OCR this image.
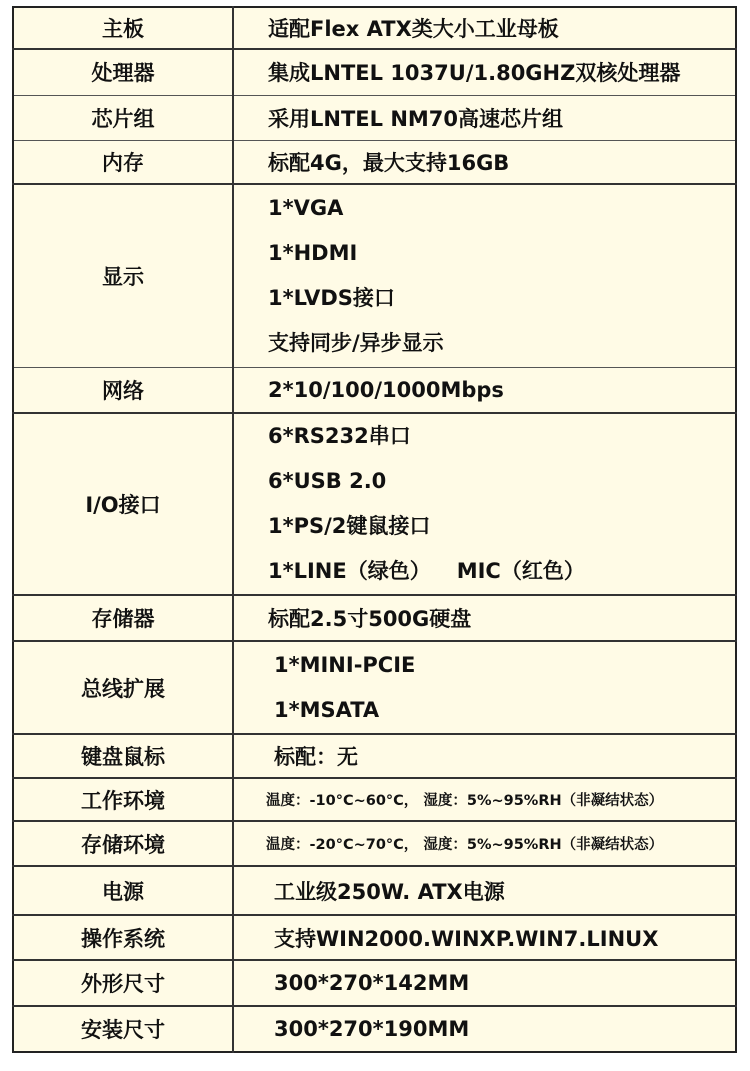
主板	适配Flex ATX类大小工业母板
处理器	集成LNTEL 1037U/1.80GHZ双核处理器
芯片组	采用LNTEL NM70高速芯片组
内存	标配4G，最大支持16GB
显示	1*VGA
1*HDMI
1*LVDS接口
支持同步/异步显示

网络	2*10/100/1000Mbps
I/O接口	6*RS232串口
6*USB 2.0
1*PS/2键鼠接口
1*LINE（绿色） MIC（红色）

存储器	标配2.5寸500G硬盘
总线扩展	1*MINI-PCIE
1*MSATA

键盘鼠标	标配：无
工作环境	温度：-10°C~60°C， 湿度：5%~95%RH（非凝结状态）
存储环境	温度：-20°C~70°C， 湿度：5%~95%RH（非凝结状态）
电源	工业级250W. ATX电源
操作系统	支持WIN2000.WINXP.WIN7.LINUX
外形尺寸	300*270*142MM
安装尺寸	300*270*190MM
